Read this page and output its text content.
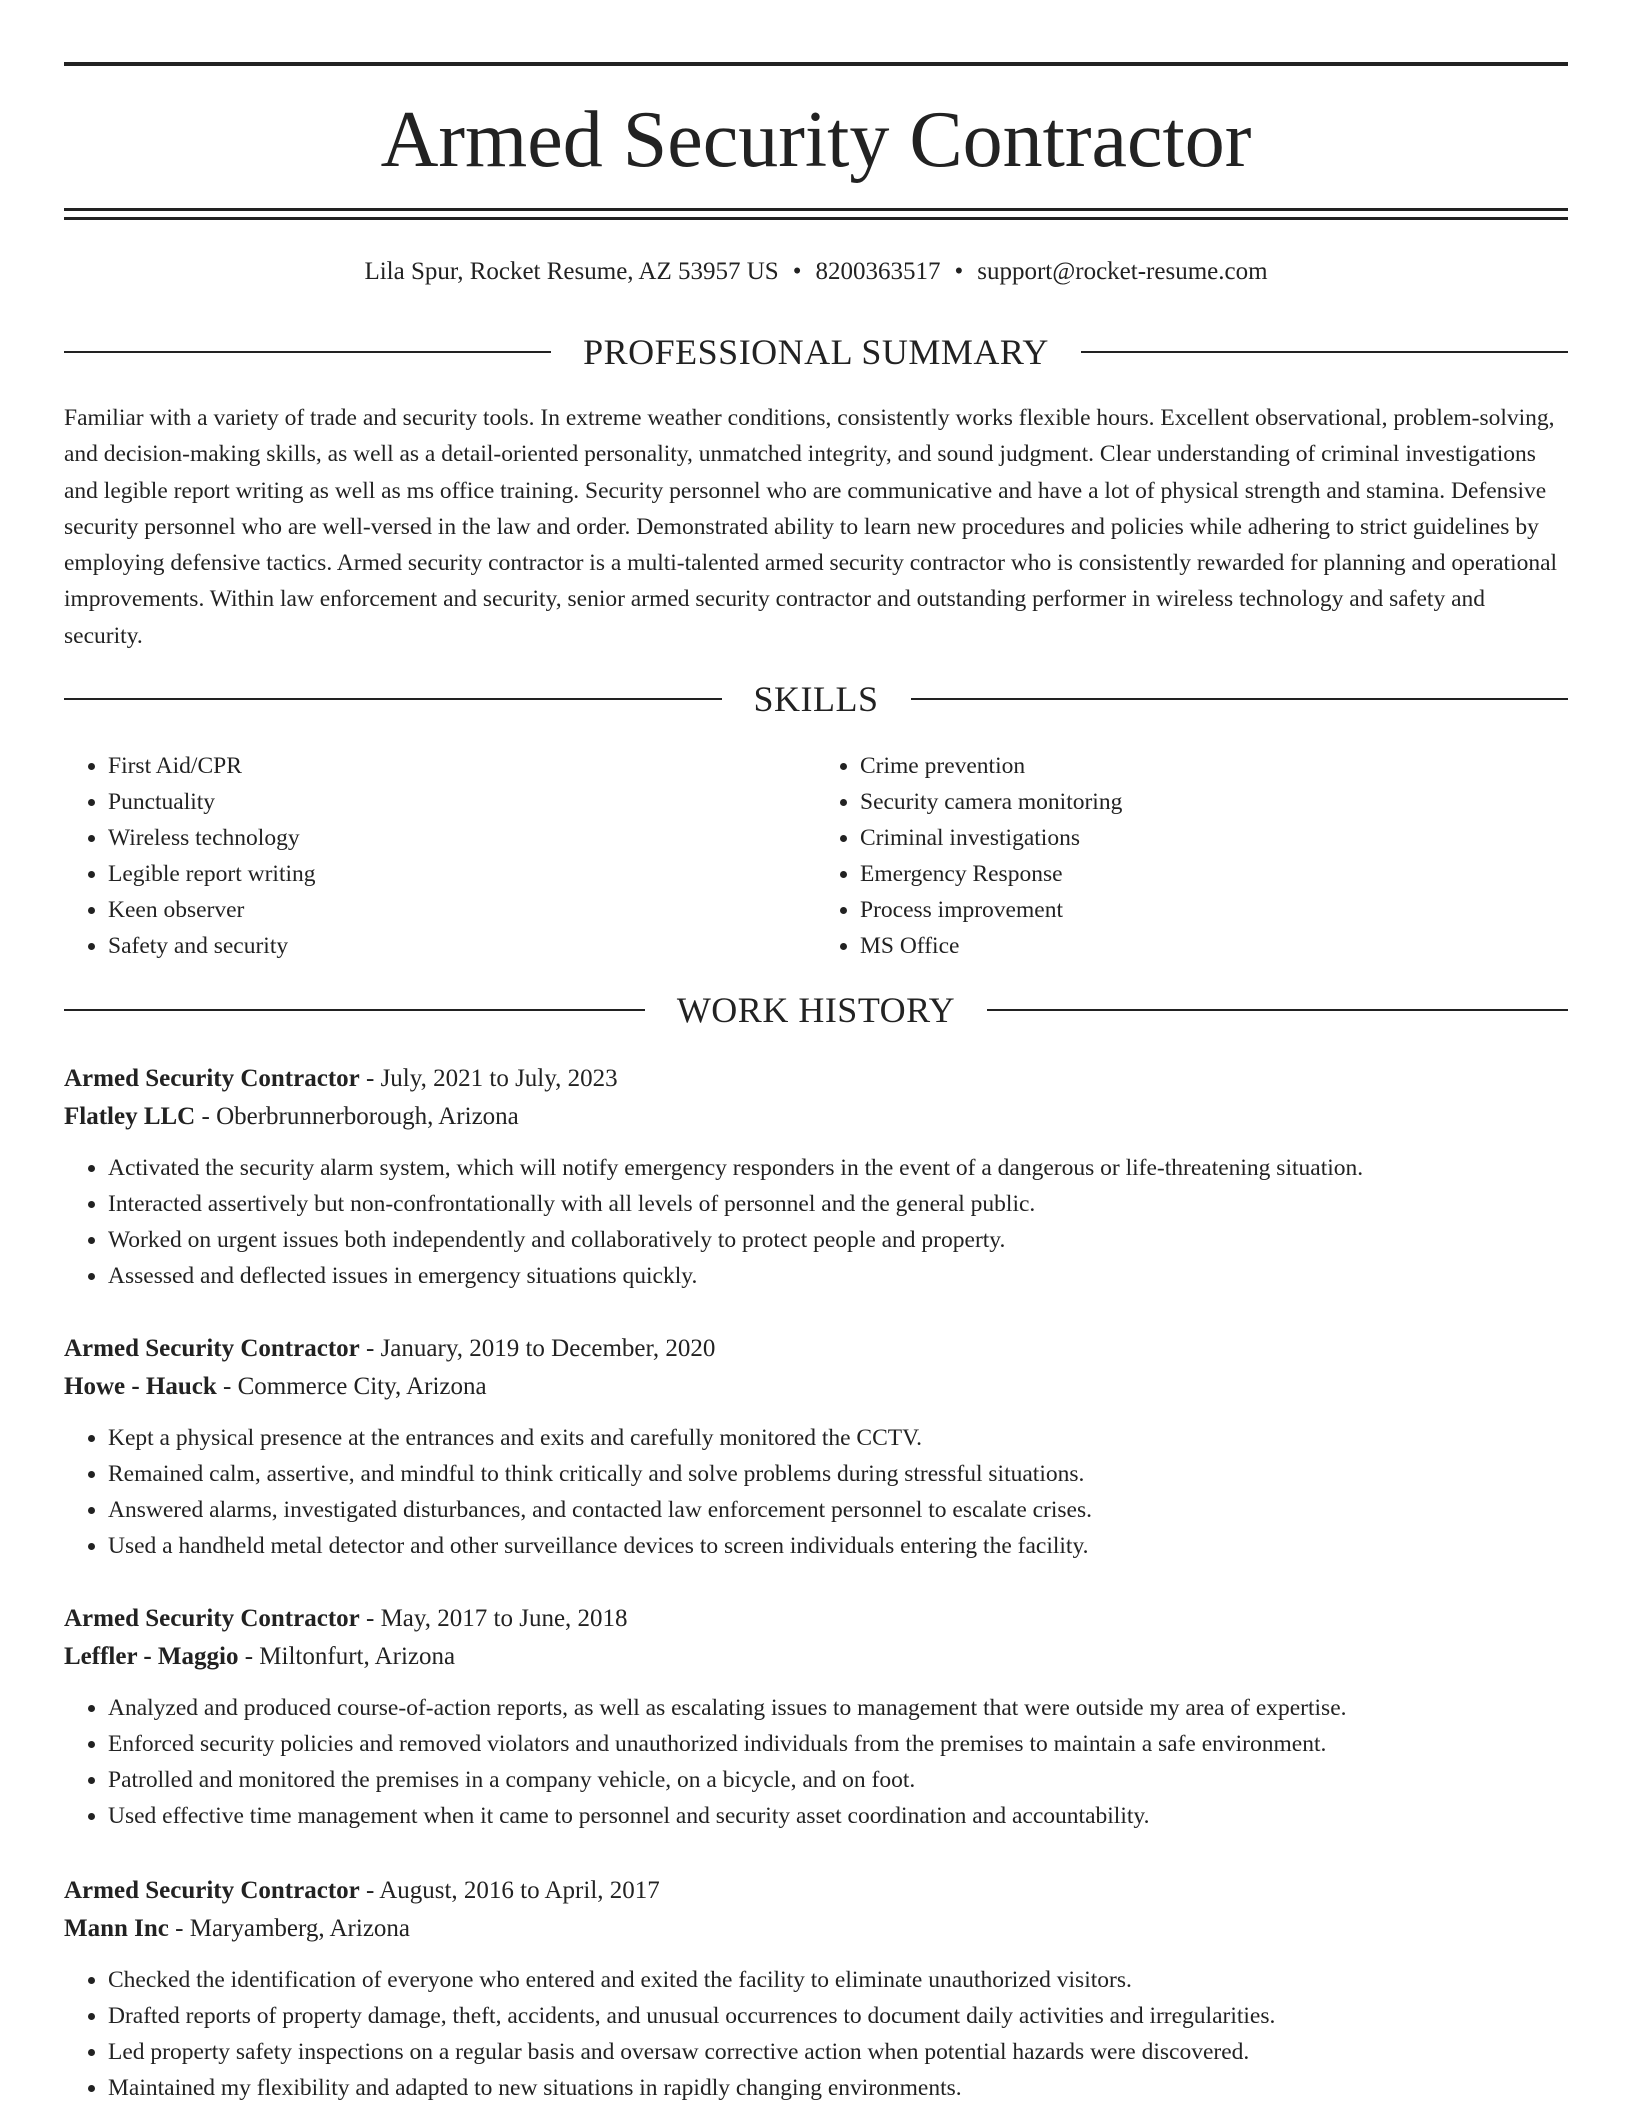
Armed Security Contractor
Lila Spur, Rocket Resume, AZ 53957 US • 8200363517 • support@rocket-resume.com
PROFESSIONAL SUMMARY

Familiar with a variety of trade and security tools. In extreme weather conditions, consistently works flexible hours. Excellent observational, problem-solving, and decision-making skills, as well as a detail-oriented personality, unmatched integrity, and sound judgment. Clear understanding of criminal investigations and legible report writing as well as ms office training. Security personnel who are communicative and have a lot of physical strength and stamina. Defensive security personnel who are well-versed in the law and order. Demonstrated ability to learn new procedures and policies while adhering to strict guidelines by employing defensive tactics. Armed security contractor is a multi-talented armed security contractor who is consistently rewarded for planning and operational improvements. Within law enforcement and security, senior armed security contractor and outstanding performer in wireless technology and safety and security.

SKILLS
• First Aid/CPR
• Punctuality
• Wireless technology
• Legible report writing
• Keen observer
• Safety and security
• Crime prevention
• Security camera monitoring
• Criminal investigations
• Emergency Response
• Process improvement
• MS Office
WORK HISTORY
Armed Security Contractor - July, 2021 to July, 2023
Flatley LLC - Oberbrunnerborough, Arizona
• Activated the security alarm system, which will notify emergency responders in the event of a dangerous or life-threatening situation.
• Interacted assertively but non-confrontationally with all levels of personnel and the general public.
• Worked on urgent issues both independently and collaboratively to protect people and property.
• Assessed and deflected issues in emergency situations quickly.
Armed Security Contractor - January, 2019 to December, 2020
Howe - Hauck - Commerce City, Arizona
• Kept a physical presence at the entrances and exits and carefully monitored the CCTV.
• Remained calm, assertive, and mindful to think critically and solve problems during stressful situations.
• Answered alarms, investigated disturbances, and contacted law enforcement personnel to escalate crises.
• Used a handheld metal detector and other surveillance devices to screen individuals entering the facility.
Armed Security Contractor - May, 2017 to June, 2018
Leffler - Maggio - Miltonfurt, Arizona
• Analyzed and produced course-of-action reports, as well as escalating issues to management that were outside my area of expertise.
• Enforced security policies and removed violators and unauthorized individuals from the premises to maintain a safe environment.
• Patrolled and monitored the premises in a company vehicle, on a bicycle, and on foot.
• Used effective time management when it came to personnel and security asset coordination and accountability.
Armed Security Contractor - August, 2016 to April, 2017
Mann Inc - Maryamberg, Arizona
• Checked the identification of everyone who entered and exited the facility to eliminate unauthorized visitors.
• Drafted reports of property damage, theft, accidents, and unusual occurrences to document daily activities and irregularities.
• Led property safety inspections on a regular basis and oversaw corrective action when potential hazards were discovered.
• Maintained my flexibility and adapted to new situations in rapidly changing environments.
